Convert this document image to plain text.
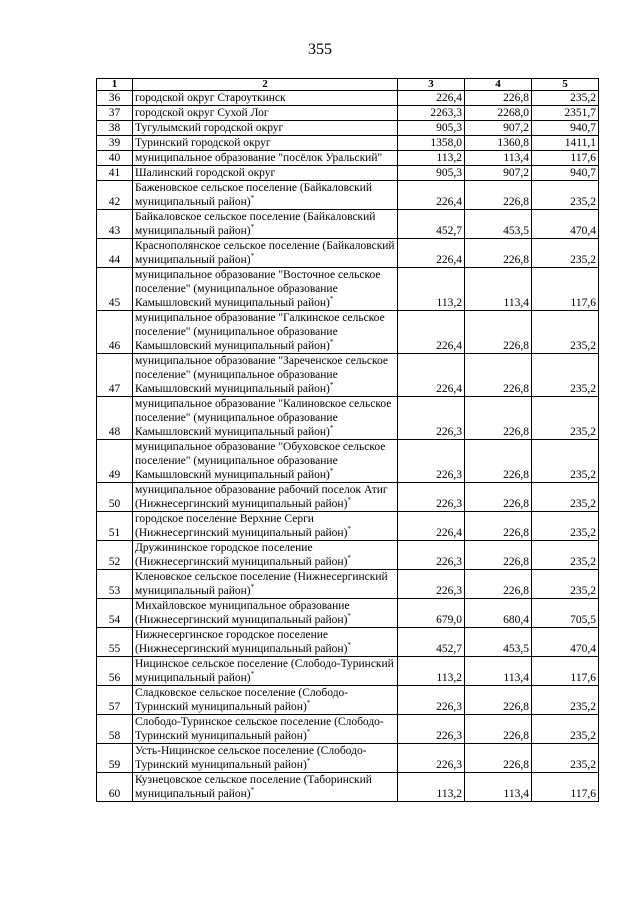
355
1	2	3	4	5
36	городской округ Староуткинск	226,4	226,8	235,2
37	городской округ Сухой Лог	2263,3	2268,0	2351,7
38	Тугулымский городской округ	905,3	907,2	940,7
39	Туринский городской округ	1358,0	1360,8	1411,1
40	муниципальное образование "посёлок Уральский"	113,2	113,4	117,6
41	Шалинский городской округ	905,3	907,2	940,7
42	Баженовское сельское поселение (Байкаловский муниципальный район)*	226,4	226,8	235,2
43	Байкаловское сельское поселение (Байкаловский муниципальный район)*	452,7	453,5	470,4
44	Краснополянское сельское поселение (Байкаловский муниципальный район)*	226,4	226,8	235,2
45	муниципальное образование "Восточное сельское поселение" (муниципальное образование Камышловский муниципальный район)*	113,2	113,4	117,6
46	муниципальное образование "Галкинское сельское поселение" (муниципальное образование Камышловский муниципальный район)*	226,4	226,8	235,2
47	муниципальное образование "Зареченское сельское поселение" (муниципальное образование Камышловский муниципальный район)*	226,4	226,8	235,2
48	муниципальное образование "Калиновское сельское поселение" (муниципальное образование Камышловский муниципальный район)*	226,3	226,8	235,2
49	муниципальное образование "Обуховское сельское поселение" (муниципальное образование Камышловский муниципальный район)*	226,3	226,8	235,2
50	муниципальное образование рабочий поселок Атиг (Нижнесергинский муниципальный район)*	226,3	226,8	235,2
51	городское поселение Верхние Серги (Нижнесергинский муниципальный район)*	226,4	226,8	235,2
52	Дружининское городское поселение (Нижнесергинский муниципальный район)*	226,3	226,8	235,2
53	Кленовское сельское поселение (Нижнесергинский муниципальный район)*	226,3	226,8	235,2
54	Михайловское муниципальное образование (Нижнесергинский муниципальный район)*	679,0	680,4	705,5
55	Нижнесергинское городское поселение (Нижнесергинский муниципальный район)*	452,7	453,5	470,4
56	Ницинское сельское поселение (Слободо-Туринский муниципальный район)*	113,2	113,4	117,6
57	Сладковское сельское поселение (Слободо-Туринский муниципальный район)*	226,3	226,8	235,2
58	Слободо-Туринское сельское поселение (Слободо-Туринский муниципальный район)*	226,3	226,8	235,2
59	Усть-Ницинское сельское поселение (Слободо-Туринский муниципальный район)*	226,3	226,8	235,2
60	Кузнецовское сельское поселение (Таборинский муниципальный район)*	113,2	113,4	117,6
